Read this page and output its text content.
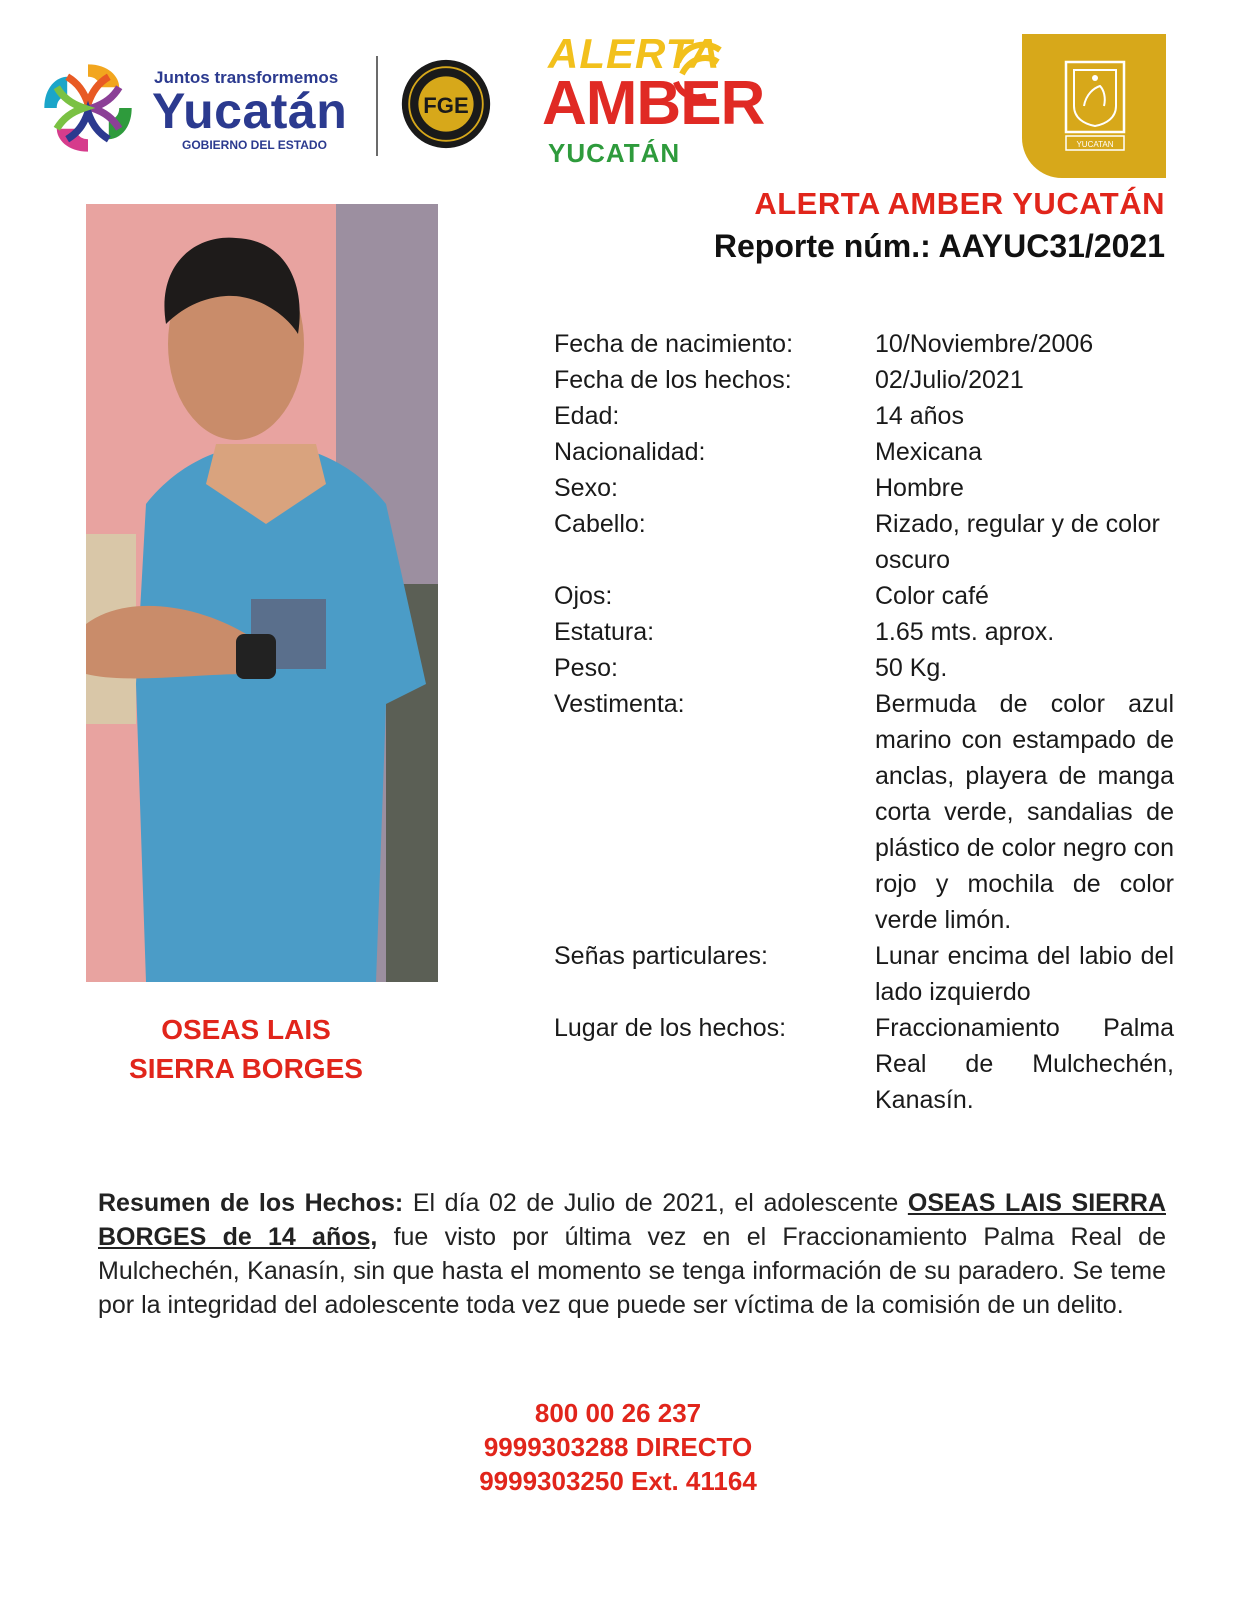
Juntos transformemos
Yucatán
GOBIERNO DEL ESTADO
FGE
ALERTA
AMBER
YUCATÁN	YUCATAN
ALERTA AMBER YUCATÁN
Reporte núm.: AAYUC31/2021
OSEAS LAIS
SIERRA BORGES
Fecha de nacimiento:	10/Noviembre/2006
Fecha de los hechos:	02/Julio/2021
Edad:	14 años
Nacionalidad:	Mexicana
Sexo:	Hombre
Cabello:	Rizado, regular y de color oscuro
Ojos:	Color café
Estatura:	1.65 mts. aprox.
Peso:	50 Kg.
Vestimenta:	Bermuda de color azul marino con estampado de anclas, playera de manga corta verde, sandalias de plástico de color negro con rojo y mochila de color verde limón.
Señas particulares:	Lunar encima del labio del lado izquierdo
Lugar de los hechos:	Fraccionamiento Palma Real de Mulchechén, Kanasín.
Resumen de los Hechos: El día 02 de Julio de 2021, el adolescente OSEAS LAIS SIERRA BORGES de 14 años, fue visto por última vez en el Fraccionamiento Palma Real de Mulchechén, Kanasín, sin que hasta el momento se tenga información de su paradero. Se teme por la integridad del adolescente toda vez que puede ser víctima de la comisión de un delito.
800 00 26 237
9999303288 DIRECTO
9999303250 Ext. 41164
